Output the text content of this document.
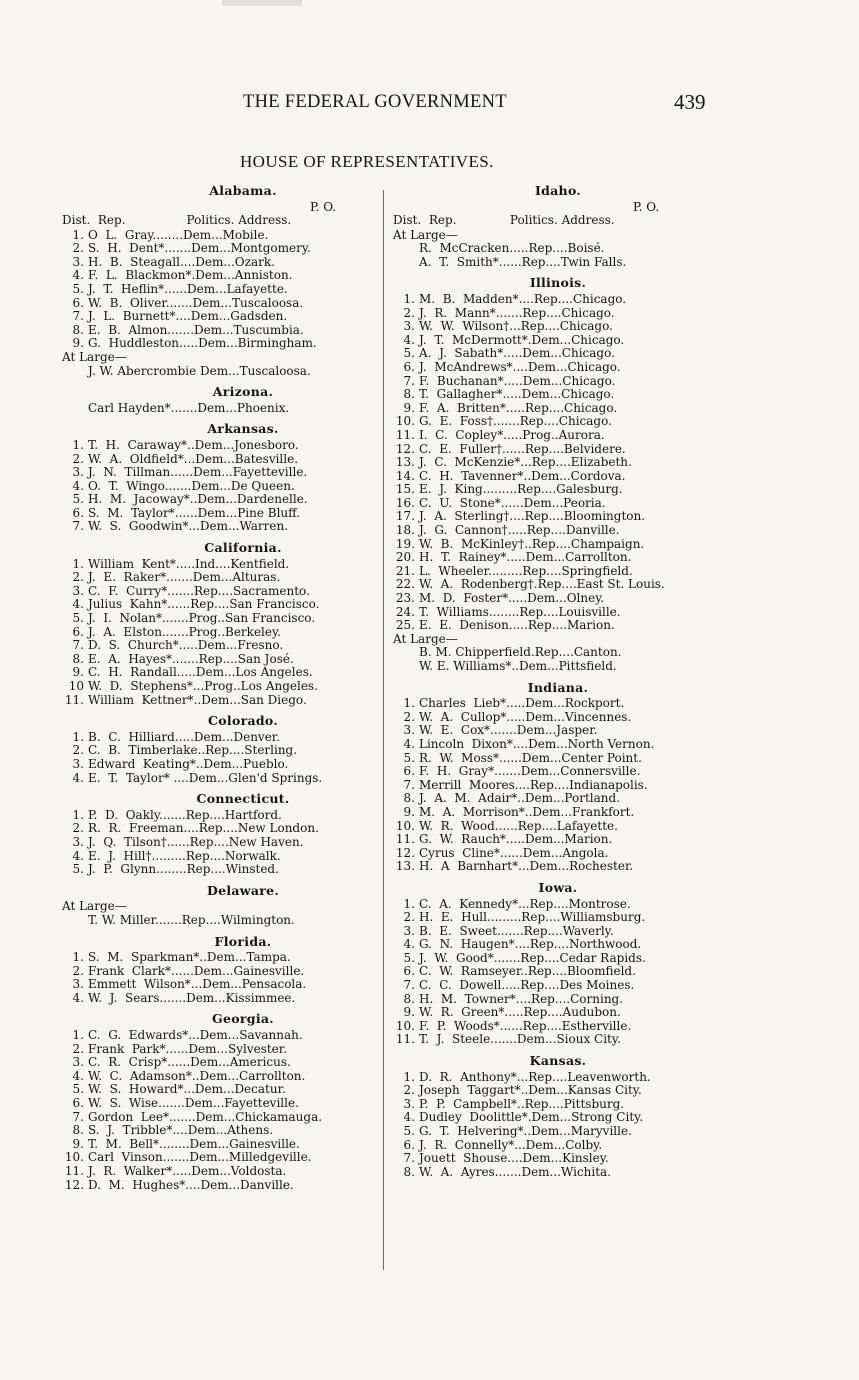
THE FEDERAL GOVERNMENT	439
HOUSE OF REPRESENTATIVES.
Alabama.
P. O.
Dist.  Rep.	Politics. Address.
1. O  L.  Gray........Dem...Mobile.
2. S.  H.  Dent*.......Dem...Montgomery.
3. H.  B.  Steagall....Dem...Ozark.
4. F.  L.  Blackmon*.Dem...Anniston.
5. J.  T.  Heflin*......Dem...Lafayette.
6. W.  B.  Oliver.......Dem...Tuscaloosa.
7. J.  L.  Burnett*....Dem...Gadsden.
8. E.  B.  Almon.......Dem...Tuscumbia.
9. G.  Huddleston.....Dem...Birmingham.
At Large—
J. W. Abercrombie Dem...Tuscaloosa.
Arizona.
Carl Hayden*.......Dem...Phoenix.
Arkansas.
1. T.  H.  Caraway*..Dem...Jonesboro.
2. W.  A.  Oldfield*...Dem...Batesville.
3. J.  N.  Tillman......Dem...Fayetteville.
4. O.  T.  Wingo.......Dem...De Queen.
5. H.  M.  Jacoway*..Dem...Dardenelle.
6. S.  M.  Taylor*......Dem...Pine Bluff.
7. W.  S.  Goodwin*...Dem...Warren.
California.
1. William  Kent*.....Ind....Kentfield.
2. J.  E.  Raker*.......Dem...Alturas.
3. C.  F.  Curry*.......Rep....Sacramento.
4. Julius  Kahn*......Rep....San Francisco.
5. J.  I.  Nolan*.......Prog..San Francisco.
6. J.  A.  Elston.......Prog..Berkeley.
7. D.  S.  Church*.....Dem...Fresno.
8. E.  A.  Hayes*.......Rep....San José.
9. C.  H.  Randall.....Dem...Los Angeles.
10 W.  D.  Stephens*...Prog..Los Angeles.
11. William  Kettner*..Dem...San Diego.
Colorado.
1. B.  C.  Hilliard.....Dem...Denver.
2. C.  B.  Timberlake..Rep....Sterling.
3. Edward  Keating*..Dem...Pueblo.
4. E.  T.  Taylor* ....Dem...Glen'd Springs.
Connecticut.
1. P.  D.  Oakly.......Rep....Hartford.
2. R.  R.  Freeman....Rep....New London.
3. J.  Q.  Tilson†......Rep....New Haven.
4. E.  J.  Hill†.........Rep....Norwalk.
5. J.  P.  Glynn........Rep....Winsted.
Delaware.
At Large—
T. W. Miller.......Rep....Wilmington.
Florida.
1. S.  M.  Sparkman*..Dem...Tampa.
2. Frank  Clark*......Dem...Gainesville.
3. Emmett  Wilson*...Dem...Pensacola.
4. W.  J.  Sears.......Dem...Kissimmee.
Georgia.
1. C.  G.  Edwards*...Dem...Savannah.
2. Frank  Park*......Dem...Sylvester.
3. C.  R.  Crisp*......Dem...Americus.
4. W.  C.  Adamson*..Dem...Carrollton.
5. W.  S.  Howard*...Dem...Decatur.
6. W.  S.  Wise.......Dem...Fayetteville.
7. Gordon  Lee*.......Dem...Chickamauga.
8. S.  J.  Tribble*....Dem...Athens.
9. T.  M.  Bell*........Dem...Gainesville.
10. Carl  Vinson.......Dem...Milledgeville.
11. J.  R.  Walker*.....Dem...Voldosta.
12. D.  M.  Hughes*....Dem...Danville.
Idaho.
P. O.
Dist.  Rep.	Politics. Address.
At Large—
R.  McCracken.....Rep....Boisé.
A.  T.  Smith*......Rep....Twin Falls.
Illinois.
1. M.  B.  Madden*....Rep....Chicago.
2. J.  R.  Mann*.......Rep....Chicago.
3. W.  W.  Wilson†...Rep....Chicago.
4. J.  T.  McDermott*.Dem...Chicago.
5. A.  J.  Sabath*.....Dem...Chicago.
6. J.  McAndrews*....Dem...Chicago.
7. F.  Buchanan*.....Dem...Chicago.
8. T.  Gallagher*.....Dem...Chicago.
9. F.  A.  Britten*.....Rep....Chicago.
10. G.  E.  Foss†.......Rep....Chicago.
11. I.  C.  Copley*.....Prog..Aurora.
12. C.  E.  Fuller†......Rep....Belvidere.
13. J.  C.  McKenzie*...Rep....Elizabeth.
14. C.  H.  Tavenner*..Dem...Cordova.
15. E.  J.  King.........Rep....Galesburg.
16. C.  U.  Stone*......Dem...Peoria.
17. J.  A.  Sterling†....Rep....Bloomington.
18. J.  G.  Cannon†.....Rep....Danville.
19. W.  B.  McKinley†..Rep....Champaign.
20. H.  T.  Rainey*.....Dem...Carrollton.
21. L.  Wheeler.........Rep....Springfield.
22. W.  A.  Rodenberg†.Rep....East St. Louis.
23. M.  D.  Foster*.....Dem...Olney.
24. T.  Williams........Rep....Louisville.
25. E.  E.  Denison.....Rep....Marion.
At Large—
B. M. Chipperfield.Rep....Canton.
W. E. Williams*..Dem...Pittsfield.
Indiana.
1. Charles  Lieb*.....Dem...Rockport.
2. W.  A.  Cullop*.....Dem...Vincennes.
3. W.  E.  Cox*.......Dem...Jasper.
4. Lincoln  Dixon*....Dem...North Vernon.
5. R.  W.  Moss*......Dem...Center Point.
6. F.  H.  Gray*.......Dem...Connersville.
7. Merrill  Moores....Rep....Indianapolis.
8. J.  A.  M.  Adair*..Dem...Portland.
9. M.  A.  Morrison*..Dem...Frankfort.
10. W.  R.  Wood......Rep....Lafayette.
11. G.  W.  Rauch*.....Dem...Marion.
12. Cyrus  Cline*......Dem...Angola.
13. H.  A  Barnhart*...Dem...Rochester.
Iowa.
1. C.  A.  Kennedy*...Rep....Montrose.
2. H.  E.  Hull.........Rep....Williamsburg.
3. B.  E.  Sweet.......Rep....Waverly.
4. G.  N.  Haugen*....Rep....Northwood.
5. J.  W.  Good*.......Rep....Cedar Rapids.
6. C.  W.  Ramseyer..Rep....Bloomfield.
7. C.  C.  Dowell.....Rep....Des Moines.
8. H.  M.  Towner*....Rep....Corning.
9. W.  R.  Green*.....Rep....Audubon.
10. F.  P.  Woods*......Rep....Estherville.
11. T.  J.  Steele.......Dem...Sioux City.
Kansas.
1. D.  R.  Anthony*...Rep....Leavenworth.
2. Joseph  Taggart*..Dem...Kansas City.
3. P.  P.  Campbell*..Rep....Pittsburg.
4. Dudley  Doolittle*.Dem...Strong City.
5. G.  T.  Helvering*..Dem...Maryville.
6. J.  R.  Connelly*...Dem...Colby.
7. Jouett  Shouse....Dem...Kinsley.
8. W.  A.  Ayres.......Dem...Wichita.
